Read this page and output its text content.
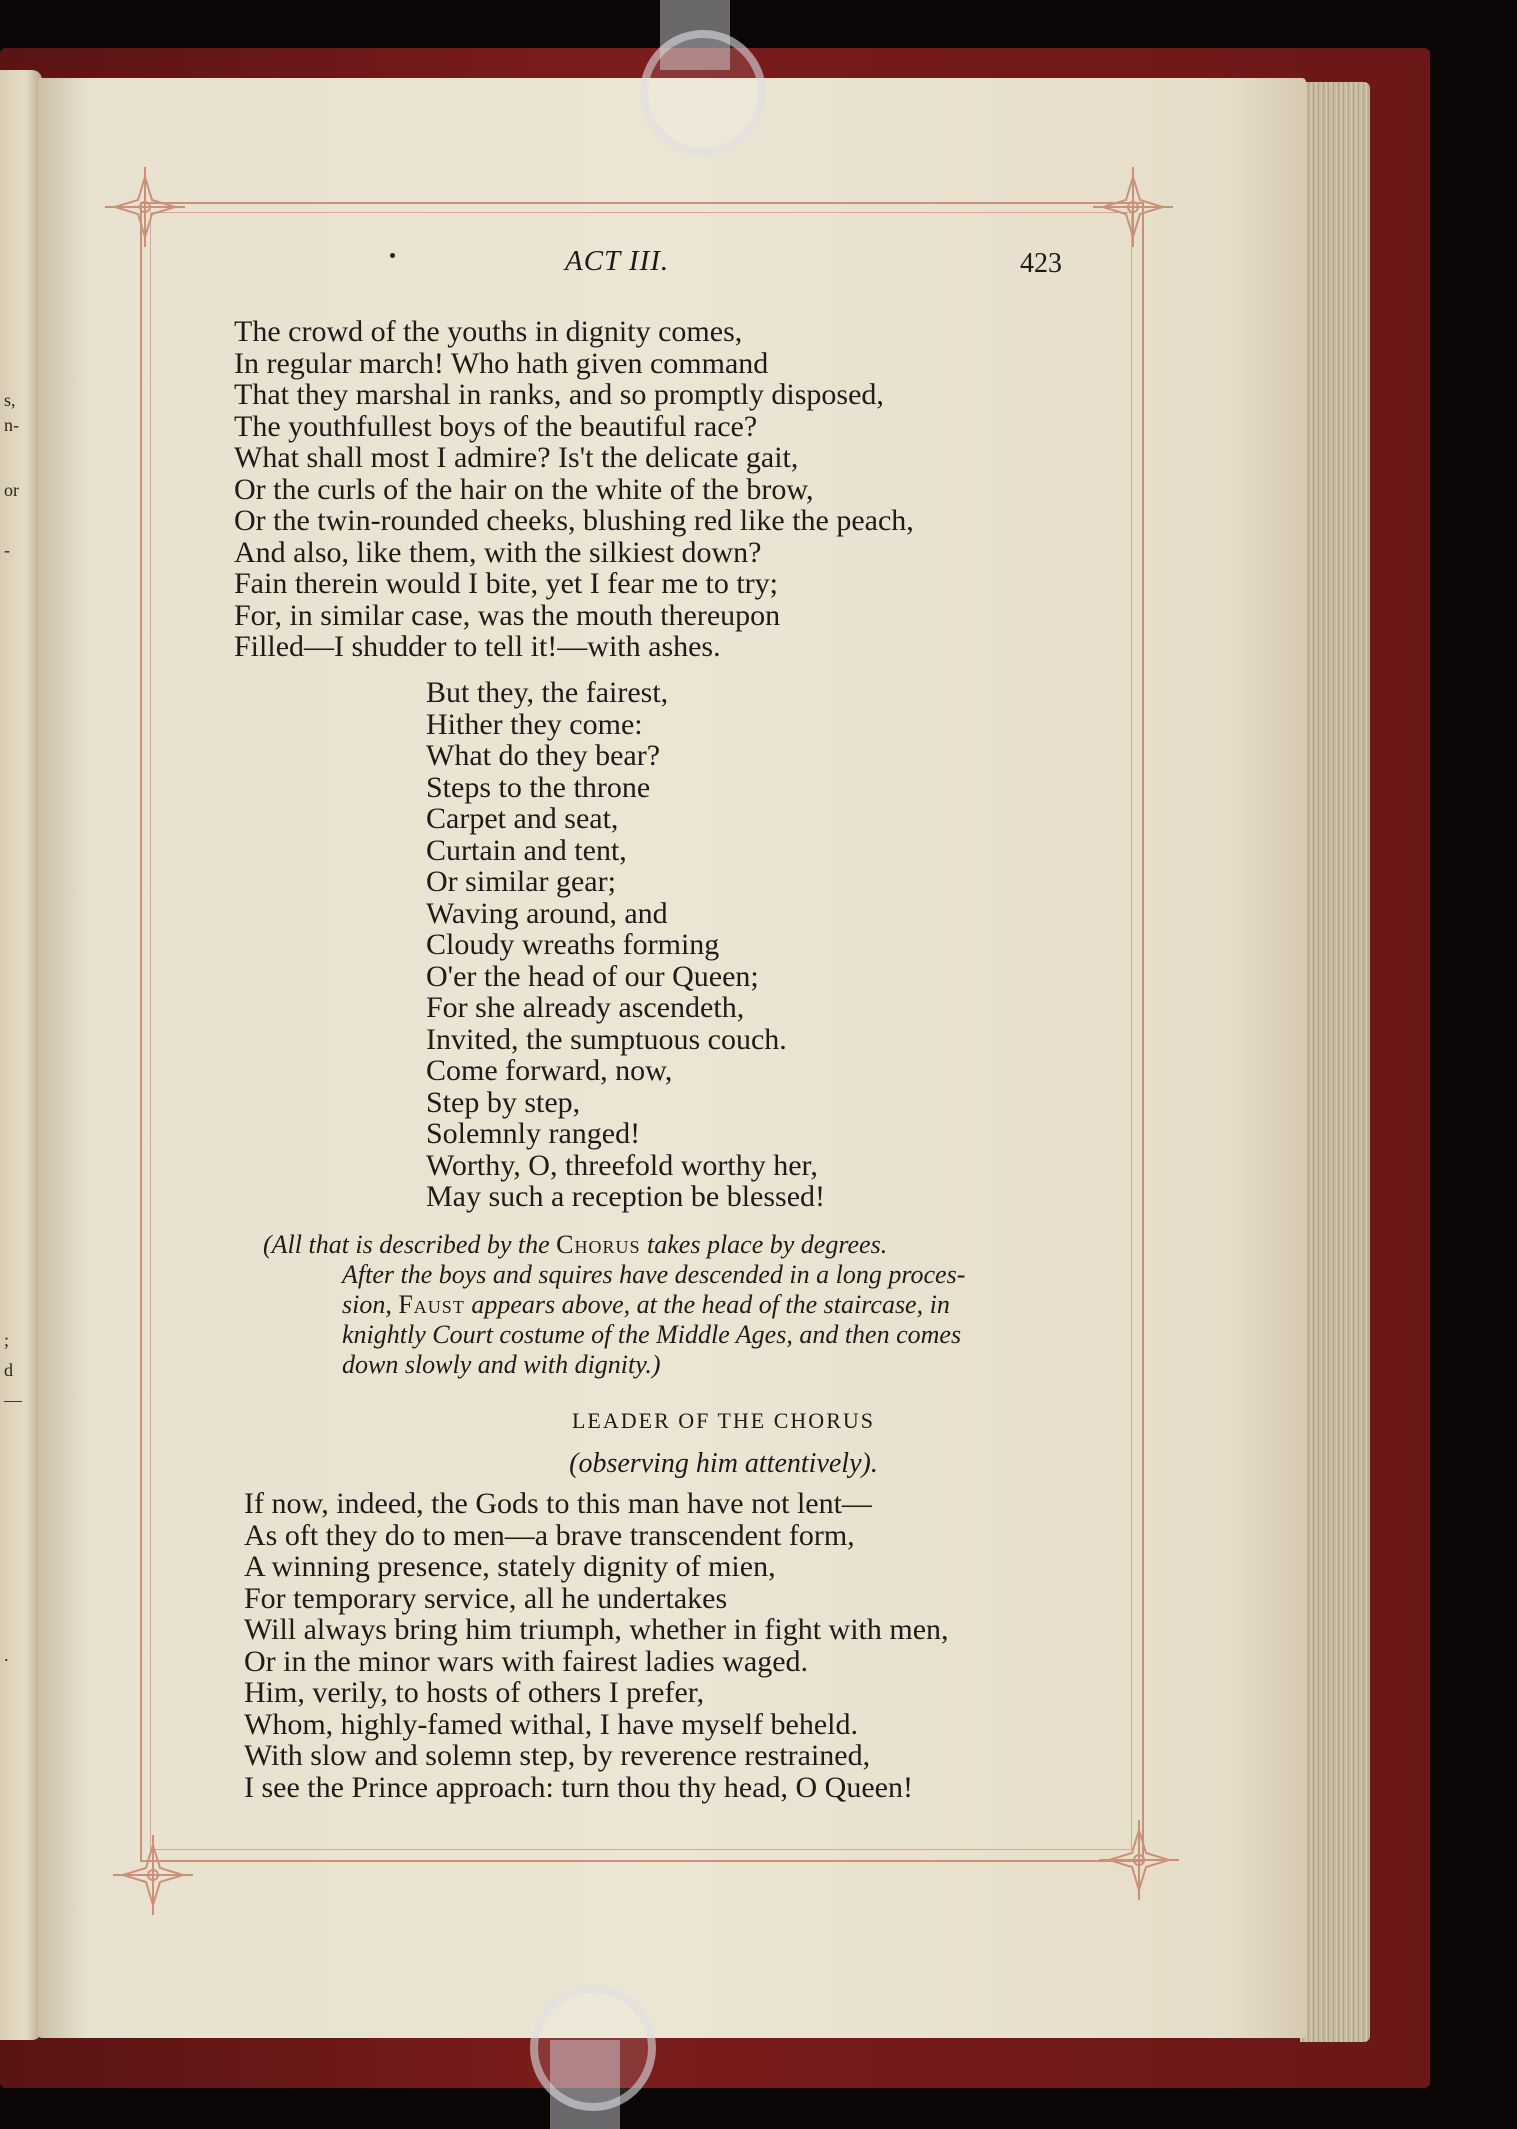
s,
n-
or
-
;
d
—
.
ACT III.	423
The crowd of the youths in dignity comes,
In regular march! Who hath given command
That they marshal in ranks, and so promptly disposed,
The youthfullest boys of the beautiful race?
What shall most I admire? Is't the delicate gait,
Or the curls of the hair on the white of the brow,
Or the twin-rounded cheeks, blushing red like the peach,
And also, like them, with the silkiest down?
Fain therein would I bite, yet I fear me to try;
For, in similar case, was the mouth thereupon
Filled—I shudder to tell it!—with ashes.
But they, the fairest,
Hither they come:
What do they bear?
Steps to the throne
Carpet and seat,
Curtain and tent,
Or similar gear;
Waving around, and
Cloudy wreaths forming
O'er the head of our Queen;
For she already ascendeth,
Invited, the sumptuous couch.
Come forward, now,
Step by step,
Solemnly ranged!
Worthy, O, threefold worthy her,
May such a reception be blessed!
(All that is described by the Chorus takes place by degrees.
After the boys and squires have descended in a long proces-
sion, Faust appears above, at the head of the staircase, in
knightly Court costume of the Middle Ages, and then comes
down slowly and with dignity.)
LEADER OF THE CHORUS
(observing him attentively).
If now, indeed, the Gods to this man have not lent—
As oft they do to men—a brave transcendent form,
A winning presence, stately dignity of mien,
For temporary service, all he undertakes
Will always bring him triumph, whether in fight with men,
Or in the minor wars with fairest ladies waged.
Him, verily, to hosts of others I prefer,
Whom, highly-famed withal, I have myself beheld.
With slow and solemn step, by reverence restrained,
I see the Prince approach: turn thou thy head, O Queen!
